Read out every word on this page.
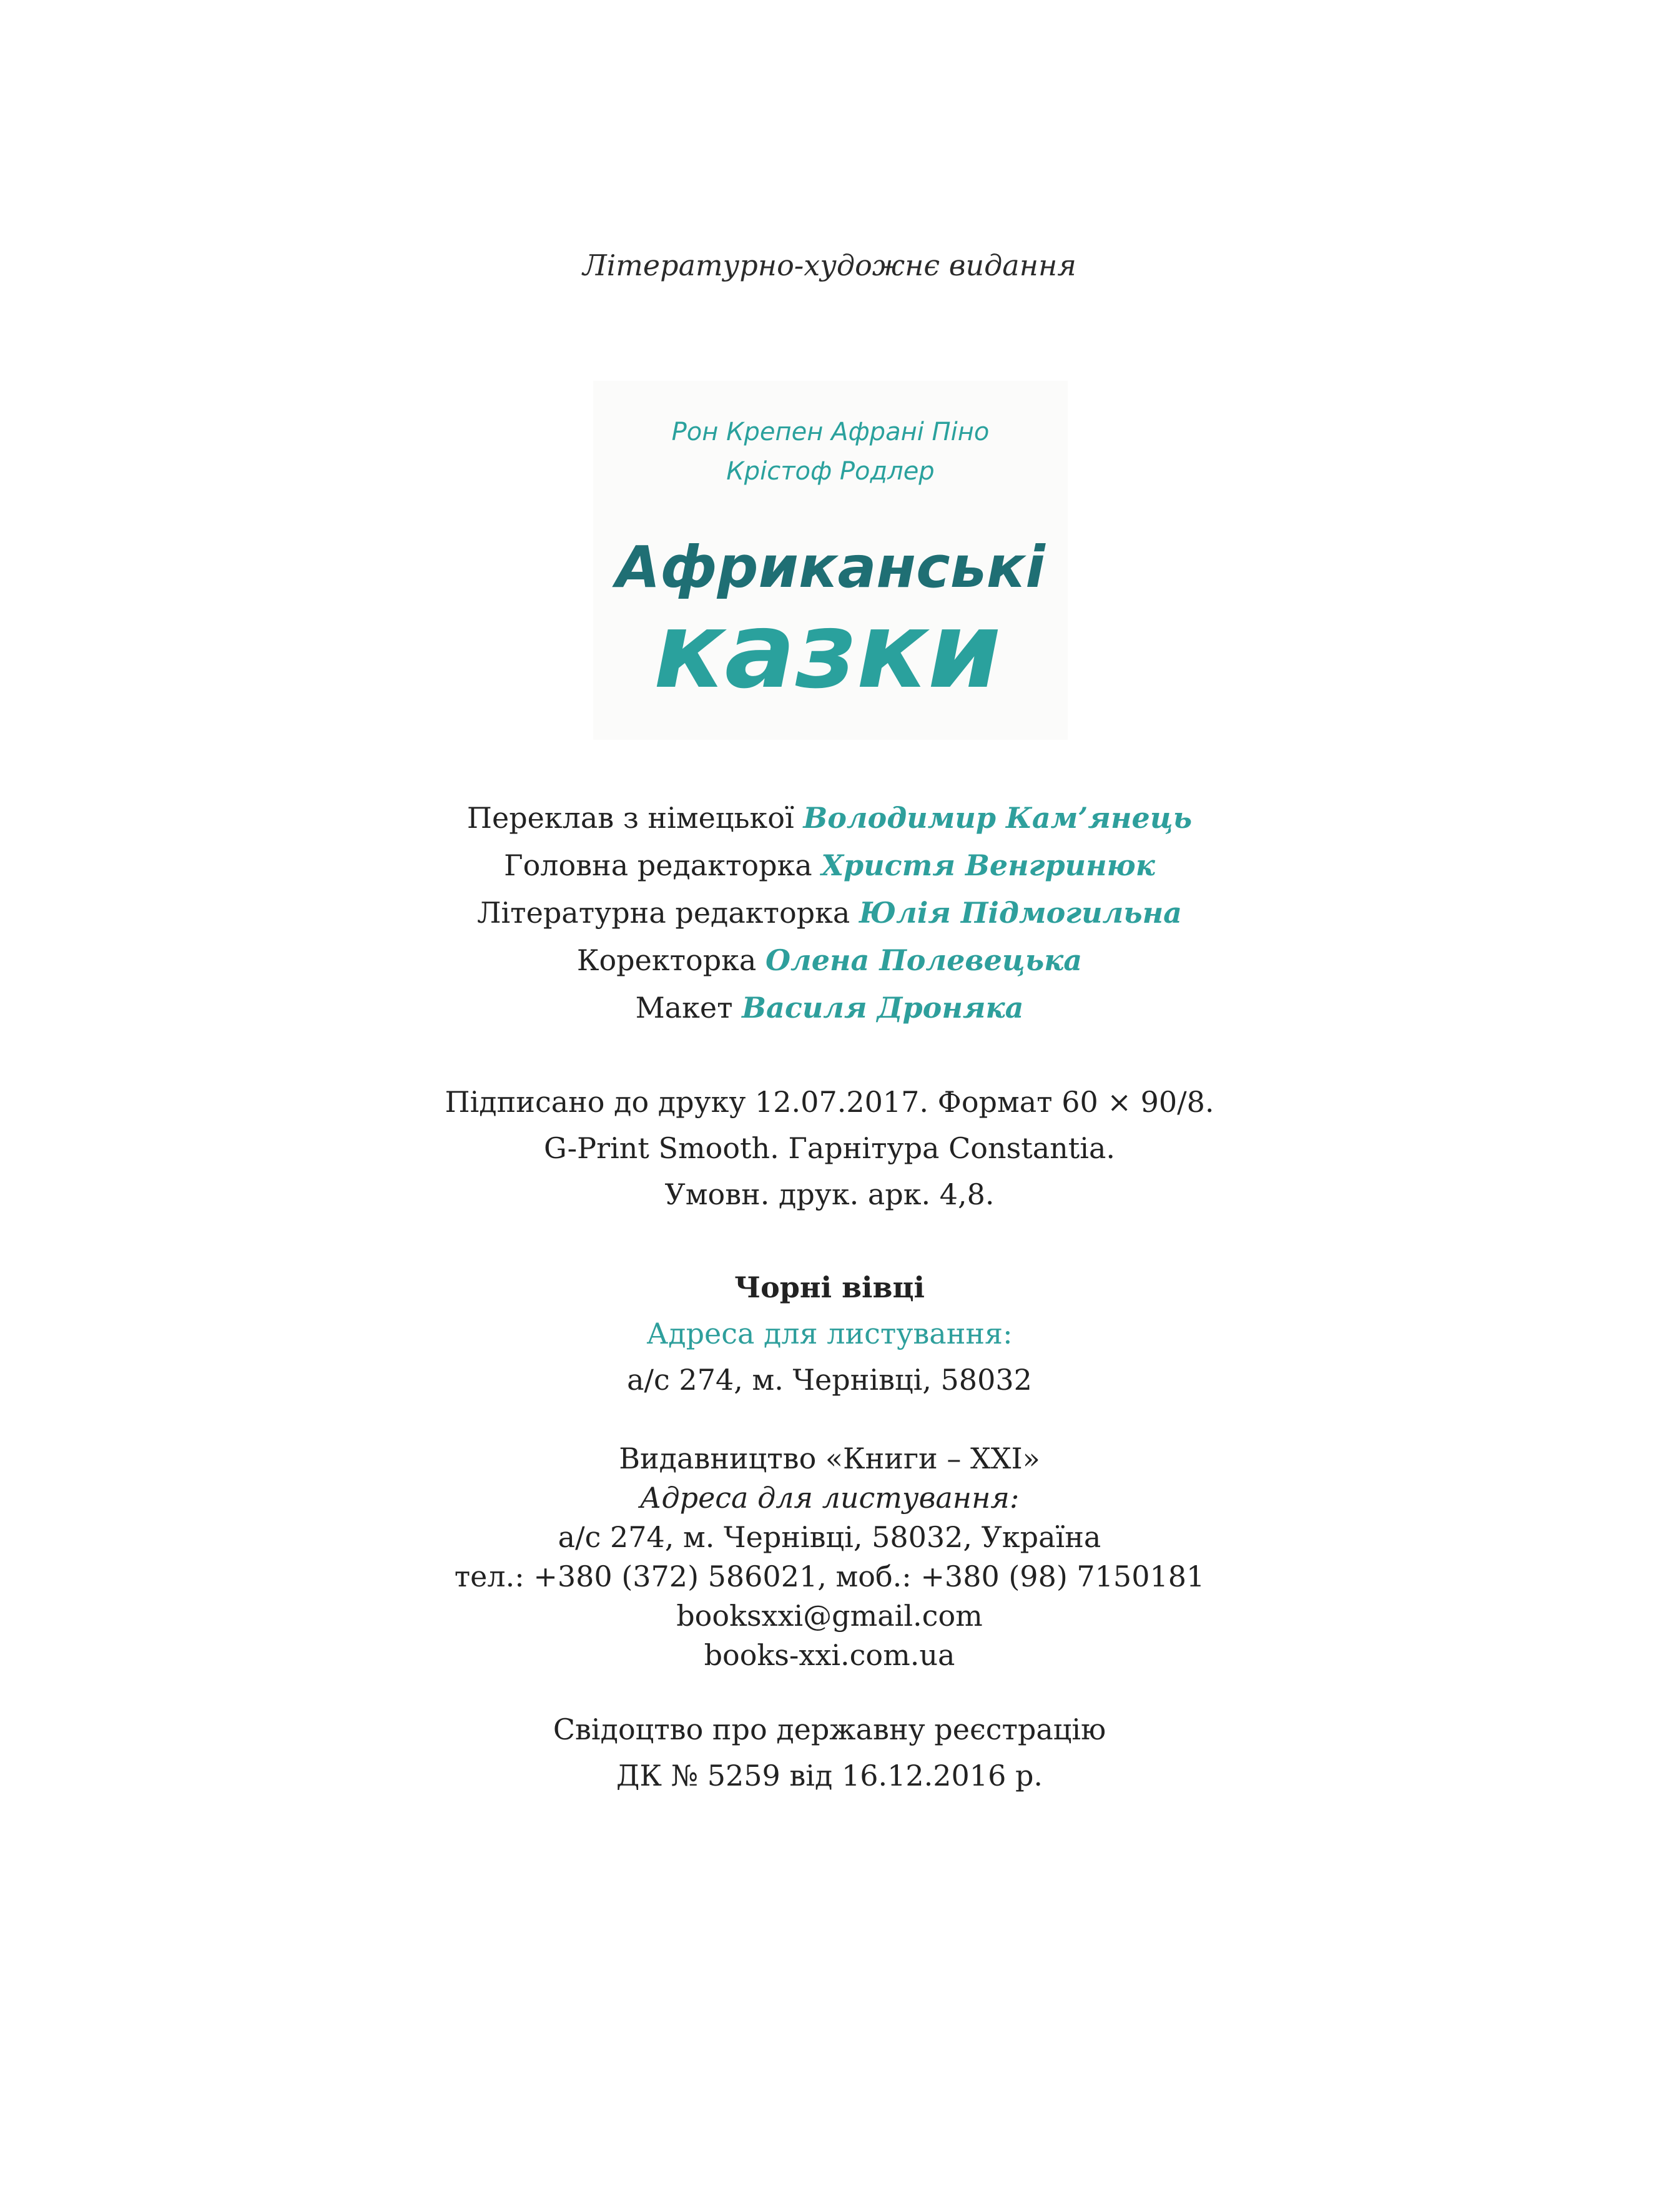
Літературно-художнє видання
Рон Крепен Афрані Піно
Крістоф Родлер
Африканські
казки
Переклав з німецької Володимир Кам’янець
Головна редакторка Христя Венгринюк
Літературна редакторка Юлія Підмогильна
Коректорка Олена Полевецька
Макет Василя Дроняка
Підписано до друку 12.07.2017. Формат 60 × 90/8.
G-Print Smooth. Гарнітура Constantia.
Умовн. друк. арк. 4,8.
Чорні вівці
Адреса для листування:
а/с 274, м. Чернівці, 58032
Видавництво «Книги – ХХІ»
Адреса для листування:
а/с 274, м. Чернівці, 58032, Україна
тел.: +380 (372) 586021, моб.: +380 (98) 7150181
booksxxi@gmail.com
books-xxi.com.ua
Свідоцтво про державну реєстрацію
ДК № 5259 від 16.12.2016 р.
